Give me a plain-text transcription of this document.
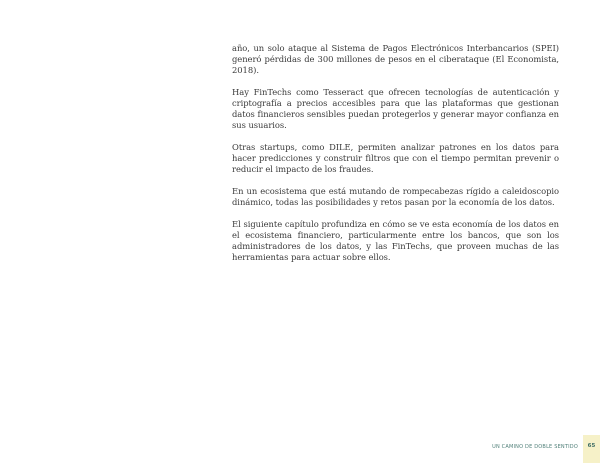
año, un solo ataque al Sistema de Pagos Electrónicos Interbancarios (SPEI) generó pérdidas de 300 millones de pesos en el ciberataque (El Economista, 2018).

Hay FinTechs como Tesseract que ofrecen tecnologías de autenticación y criptografía a precios accesibles para que las plataformas que gestionan datos financieros sensibles puedan protegerlos y generar mayor confianza en sus usuarios.

Otras startups, como DILE, permiten analizar patrones en los datos para hacer predicciones y construir filtros que con el tiempo permitan prevenir o reducir el impacto de los fraudes.

En un ecosistema que está mutando de rompecabezas rígido a caleidoscopio dinámico, todas las posibilidades y retos pasan por la economía de los datos.

El siguiente capítulo profundiza en cómo se ve esta economía de los datos en el ecosistema financiero, particularmente entre los bancos, que son los administradores de los datos, y las FinTechs, que proveen muchas de las herramientas para actuar sobre ellos.

UN CAMINO DE DOBLE SENTIDO	65
